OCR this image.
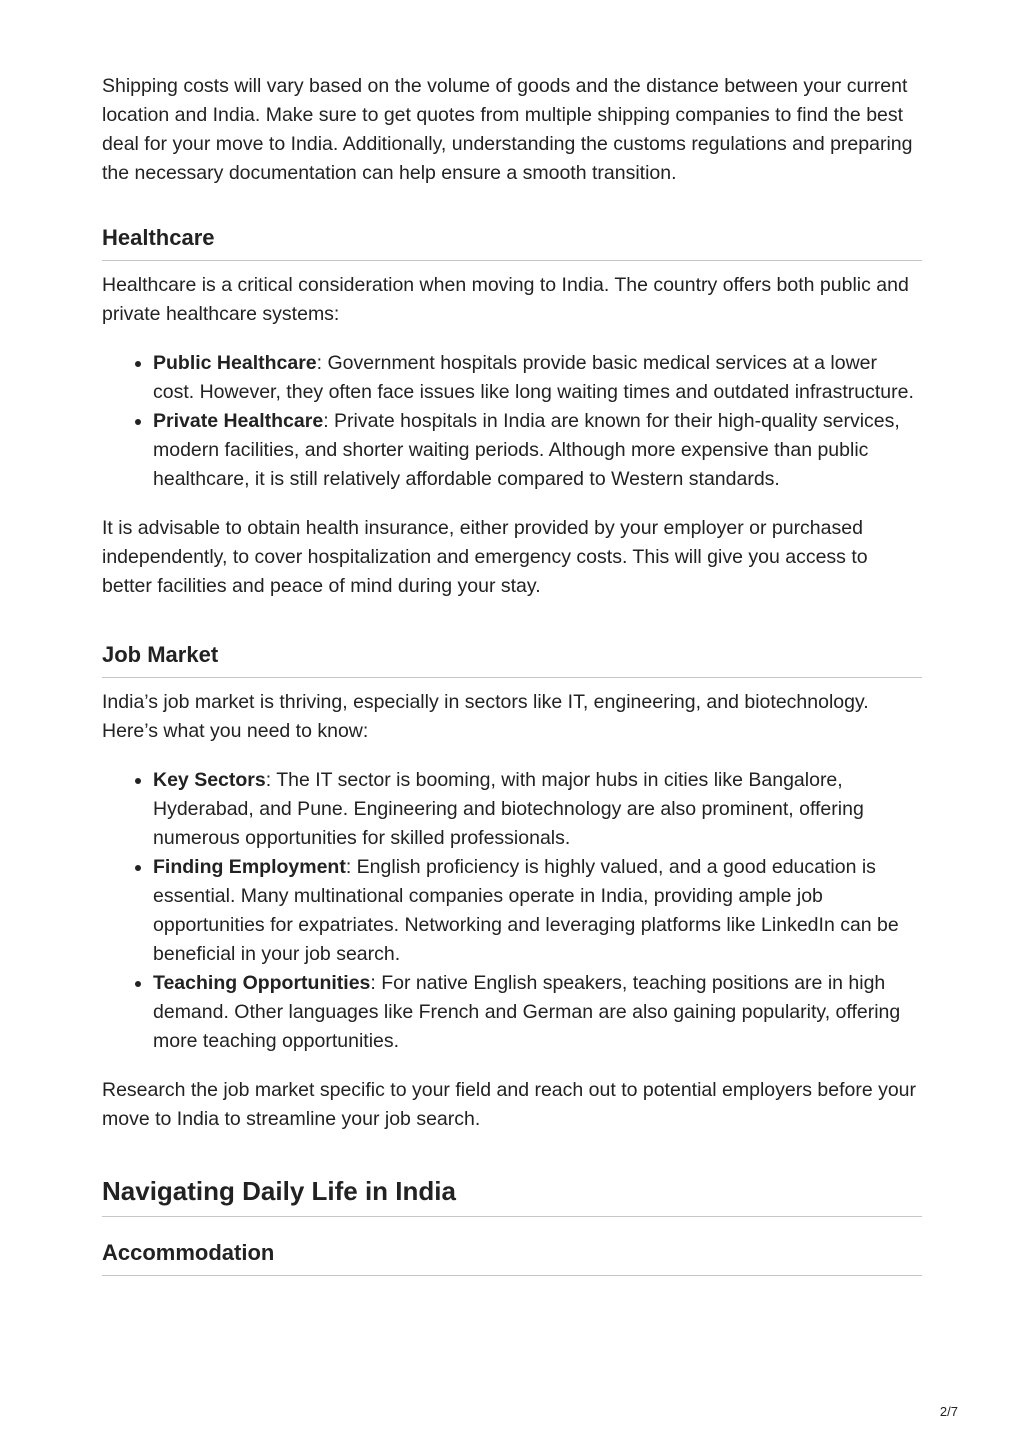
Shipping costs will vary based on the volume of goods and the distance between your current location and India. Make sure to get quotes from multiple shipping companies to find the best deal for your move to India. Additionally, understanding the customs regulations and preparing the necessary documentation can help ensure a smooth transition.

Healthcare

Healthcare is a critical consideration when moving to India. The country offers both public and private healthcare systems:

• Public Healthcare: Government hospitals provide basic medical services at a lower cost. However, they often face issues like long waiting times and outdated infrastructure.
• Private Healthcare: Private hospitals in India are known for their high-quality services, modern facilities, and shorter waiting periods. Although more expensive than public healthcare, it is still relatively affordable compared to Western standards.

It is advisable to obtain health insurance, either provided by your employer or purchased independently, to cover hospitalization and emergency costs. This will give you access to better facilities and peace of mind during your stay.

Job Market

India’s job market is thriving, especially in sectors like IT, engineering, and biotechnology. Here’s what you need to know:

• Key Sectors: The IT sector is booming, with major hubs in cities like Bangalore, Hyderabad, and Pune. Engineering and biotechnology are also prominent, offering numerous opportunities for skilled professionals.
• Finding Employment: English proficiency is highly valued, and a good education is essential. Many multinational companies operate in India, providing ample job opportunities for expatriates. Networking and leveraging platforms like LinkedIn can be beneficial in your job search.
• Teaching Opportunities: For native English speakers, teaching positions are in high demand. Other languages like French and German are also gaining popularity, offering more teaching opportunities.

Research the job market specific to your field and reach out to potential employers before your move to India to streamline your job search.

Navigating Daily Life in India
Accommodation
2/7
